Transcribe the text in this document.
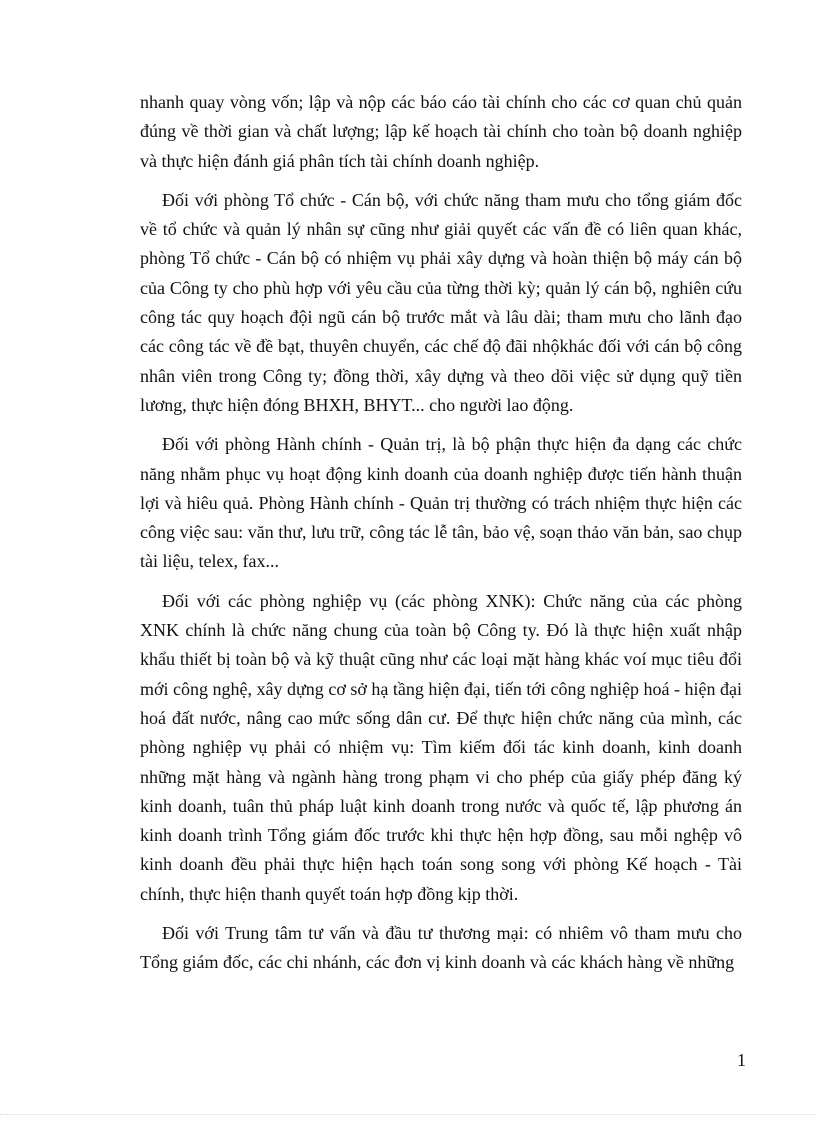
nhanh quay vòng vốn; lập và nộp các báo cáo tài chính cho các cơ quan chủ quản đúng về thời gian và chất lượng; lập kế hoạch tài chính cho toàn bộ doanh nghiệp và thực hiện đánh giá phân tích tài chính doanh nghiệp.

Đối với phòng Tổ chức - Cán bộ, với chức năng tham mưu cho tổng giám đốc về tổ chức và quản lý nhân sự cũng như giải quyết các vấn đề có liên quan khác, phòng Tổ chức - Cán bộ có nhiệm vụ phải xây dựng và hoàn thiện bộ máy cán bộ của Công ty cho phù hợp với yêu cầu của từng thời kỳ; quản lý cán bộ, nghiên cứu công tác quy hoạch đội ngũ cán bộ trước mắt và lâu dài; tham mưu cho lãnh đạo các công tác về đề bạt, thuyên chuyển, các chế độ đãi nhộkhác đối với cán bộ công nhân viên trong Công ty; đồng thời, xây dựng và theo dõi việc sử dụng quỹ tiền lương, thực hiện đóng BHXH, BHYT... cho người lao động.

Đối với phòng Hành chính - Quản trị, là bộ phận thực hiện đa dạng các chức năng nhằm phục vụ hoạt động kinh doanh của doanh nghiệp được tiến hành thuận lợi và hiêu quả. Phòng Hành chính - Quản trị thường có trách nhiệm thực hiện các công việc sau: văn thư, lưu trữ, công tác lễ tân, bảo vệ, soạn thảo văn bản, sao chụp tài liệu, telex, fax...

Đối với các phòng nghiệp vụ (các phòng XNK): Chức năng của các phòng XNK chính là chức năng chung của toàn bộ Công ty. Đó là thực hiện xuất nhập khẩu thiết bị toàn bộ và kỹ thuật cũng như các loại mặt hàng khác voí mục tiêu đổi mới công nghệ, xây dựng cơ sở hạ tầng hiện đại, tiến tới công nghiệp hoá - hiện đại hoá đất nước, nâng cao mức sống dân cư. Để thực hiện chức năng của mình, các phòng nghiệp vụ phải có nhiệm vụ: Tìm kiếm đối tác kinh doanh, kinh doanh những mặt hàng và ngành hàng trong phạm vi cho phép của giấy phép đăng ký kinh doanh, tuân thủ pháp luật kinh doanh trong nước và quốc tế, lập phương án kinh doanh trình Tổng giám đốc trước khi thực hện hợp đồng, sau mỗi nghệp vô kinh doanh đều phải thực hiện hạch toán song song với phòng Kế hoạch - Tài chính, thực hiện thanh quyết toán hợp đồng kịp thời.

Đối với Trung tâm tư vấn và đầu tư thương mại: có nhiêm vô tham mưu cho Tổng giám đốc, các chi nhánh, các đơn vị kinh doanh và các khách hàng về những

1
